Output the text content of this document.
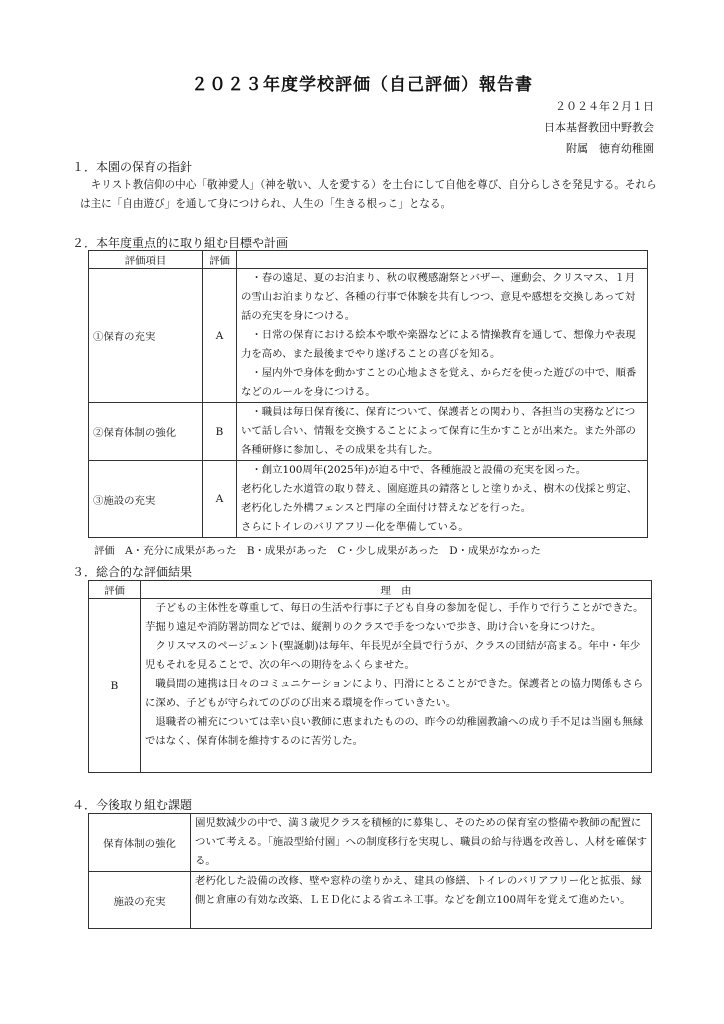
２０２３年度学校評価（自己評価）報告書
２０２４年２月１日
日本基督教団中野教会
附属　徳育幼稚園
１．本園の保育の指針
キリスト教信仰の中心「敬神愛人」（神を敬い、人を愛する）を土台にして自他を尊び、自分らしさを発見する。それらは主に「自由遊び」を通して身につけられ、人生の「生きる根っこ」となる。
２．本年度重点的に取り組む目標や計画
評価項目	評価	
①保育の充実	A	・春の遠足、夏のお泊まり、秋の収穫感謝祭とバザー、運動会、クリスマス、１月の雪山お泊まりなど、各種の行事で体験を共有しつつ、意見や感想を交換しあって対話の充実を身につける。
・日常の保育における絵本や歌や楽器などによる情操教育を通して、想像力や表現力を高め、また最後までやり遂げることの喜びを知る。
・屋内外で身体を動かすことの心地よさを覚え、からだを使った遊びの中で、順番などのルールを身につける。

②保育体制の強化	B	・職員は毎日保育後に、保育について、保護者との関わり、各担当の実務などについて話し合い、情報を交換することによって保育に生かすことが出来た。また外部の各種研修に参加し、その成果を共有した。

③施設の充実	A	・創立100周年(2025年)が迫る中で、各種施設と設備の充実を図った。
老朽化した水道管の取り替え、園庭遊具の錆落としと塗りかえ、樹木の伐採と剪定、老朽化した外構フェンスと門扉の全面付け替えなどを行った。
さらにトイレのバリアフリー化を準備している。
評価　A・充分に成果があった　B・成果があった　C・少し成果があった　D・成果がなかった
３．総合的な評価結果
評価	理　由
B	子どもの主体性を尊重して、毎日の生活や行事に子ども自身の参加を促し、手作りで行うことができた。芋掘り遠足や消防署訪問などでは、縦割りのクラスで手をつないで歩き、助け合いを身につけた。
クリスマスのページェント(聖誕劇)は毎年、年長児が全員で行うが、クラスの団結が高まる。年中・年少児もそれを見ることで、次の年への期待をふくらませた。
職員間の連携は日々のコミュニケーションにより、円滑にとることができた。保護者との協力関係もさらに深め、子どもが守られてのびのび出来る環境を作っていきたい。
退職者の補充については幸い良い教師に恵まれたものの、昨今の幼稚園教諭への成り手不足は当園も無縁ではなく、保育体制を維持するのに苦労した。
４．今後取り組む課題
保育体制の強化	園児数減少の中で、満３歳児クラスを積極的に募集し、そのための保育室の整備や教師の配置について考える。「施設型給付園」への制度移行を実現し、職員の給与待遇を改善し、人材を確保する。
施設の充実	老朽化した設備の改修、壁や窓枠の塗りかえ、建具の修繕、トイレのバリアフリー化と拡張、縁側と倉庫の有効な改築、ＬＥＤ化による省エネ工事。などを創立100周年を覚えて進めたい。
